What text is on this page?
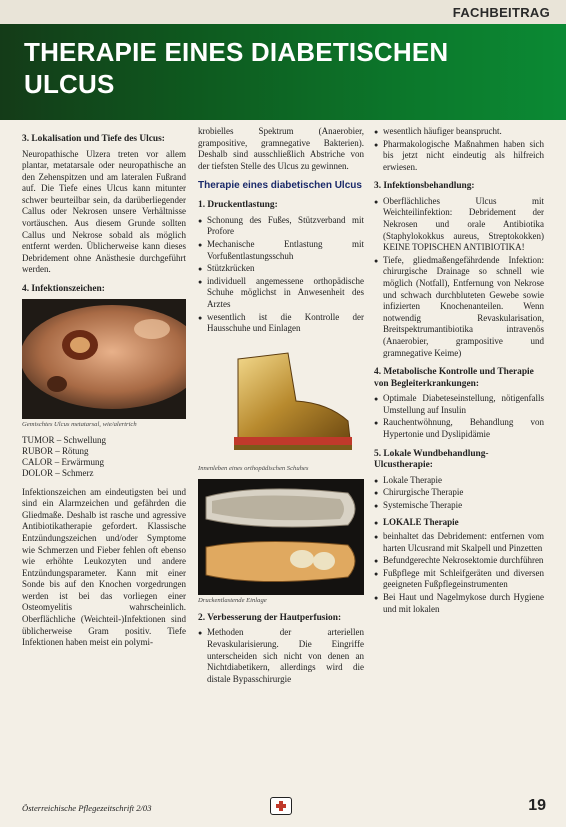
FACHBEITRAG
THERAPIE EINES DIABETISCHEN ULCUS
3. Lokalisation und Tiefe des Ulcus:

Neuropathische Ulzera treten vor allem plantar, metatarsale oder neuropathische an den Zehenspitzen und am lateralen Fußrand auf. Die Tiefe eines Ulcus kann mitunter schwer beurteilbar sein, da darüberliegender Callus oder Nekrosen unsere Verhältnisse vortäuschen. Aus diesem Grunde sollten Callus und Nekrose sobald als möglich entfernt werden. Üblicherweise kann dieses Debridement ohne Anästhesie durchgeführt werden.

4. Infektionszeichen:
Gemischtes Ulcus metatarsal, wie/alertrich
TUMOR – Schwellung
RUBOR – Rötung
CALOR – Erwärmung
DOLOR – Schmerz

Infektionszeichen am eindeutigsten bei und sind ein Alarmzeichen und gefährden die Gliedmaße. Deshalb ist rasche und agressive Antibiotikatherapie gefordert. Klassische Entzündungszeichen und/oder Symptome wie Schmerzen und Fieber fehlen oft ebenso wie erhöhte Leukozyten und andere Entzündungsparameter. Kann mit einer Sonde bis auf den Knochen vorgedrungen werden ist bei das vorliegen einer Osteomyelitis wahrscheinlich. Oberflächliche (Weichteil-)Infektionen sind üblicherweise Gram positiv. Tiefe Infektionen haben meist ein polymi-

krobielles Spektrum (Anaerobier, grampositive, gramnegative Bakterien). Deshalb sind ausschließlich Abstriche von der tiefsten Stelle des Ulcus zu gewinnen.

Therapie eines diabetischen Ulcus
1. Druckentlastung:
● Schonung des Fußes, Stützverband mit Profore
● Mechanische Entlastung mit Vorfußentlastungsschuh
● Stützkrücken
● individuell angemessene orthopädische Schuhe möglichst in Anwesenheit des Arztes
● wesentlich ist die Kontrolle der Hausschuhe und Einlagen
Innenleben eines orthopädischen Schuhes
Druckentlastende Einlage
2. Verbesserung der Hautperfusion:
● Methoden der arteriellen Revaskularisierung. Die Eingriffe unterscheiden sich nicht von denen an Nichtdiabetikern, allerdings wird die distale Bypasschirurgie
● wesentlich häufiger beansprucht.
● Pharmakologische Maßnahmen haben sich bis jetzt nicht eindeutig als hilfreich erwiesen.
3. Infektionsbehandlung:
● Oberflächliches Ulcus mit Weichteilinfektion: Debridement der Nekrosen und orale Antibiotika (Staphylokokkus aureus, Streptokokken) KEINE TOPISCHEN ANTIBIOTIKA!
● Tiefe, gliedmaßengefährdende Infektion: chirurgische Drainage so schnell wie möglich (Notfall), Entfernung von Nekrose und schwach durchbluteten Gewebe sowie infizierten Knochenanteilen. Wenn notwendig Revaskularisation, Breitspektrumantibiotika intravenös (Anaerobier, grampositive und gramnegative Keime)
4. Metabolische Kontrolle und Therapie von Begleiterkrankungen:
● Optimale Diabeteseinstellung, nötigenfalls Umstellung auf Insulin
● Rauchentwöhnung, Behandlung von Hypertonie und Dyslipidämie
5. Lokale Wundbehandlung-Ulcustherapie:
● Lokale Therapie
● Chirurgische Therapie
● Systemische Therapie
● LOKALE Therapie
● beinhaltet das Debridement: entfernen vom harten Ulcusrand mit Skalpell und Pinzetten
● Befundgerechte Nekrosektomie durchführen
● Fußpflege mit Schleifgeräten und diversen geeigneten Fußpflegeinstrumenten
● Bei Haut und Nagelmykose durch Hygiene und mit lokalen
Österreichische Pflegezeitschrift 2/03	19
